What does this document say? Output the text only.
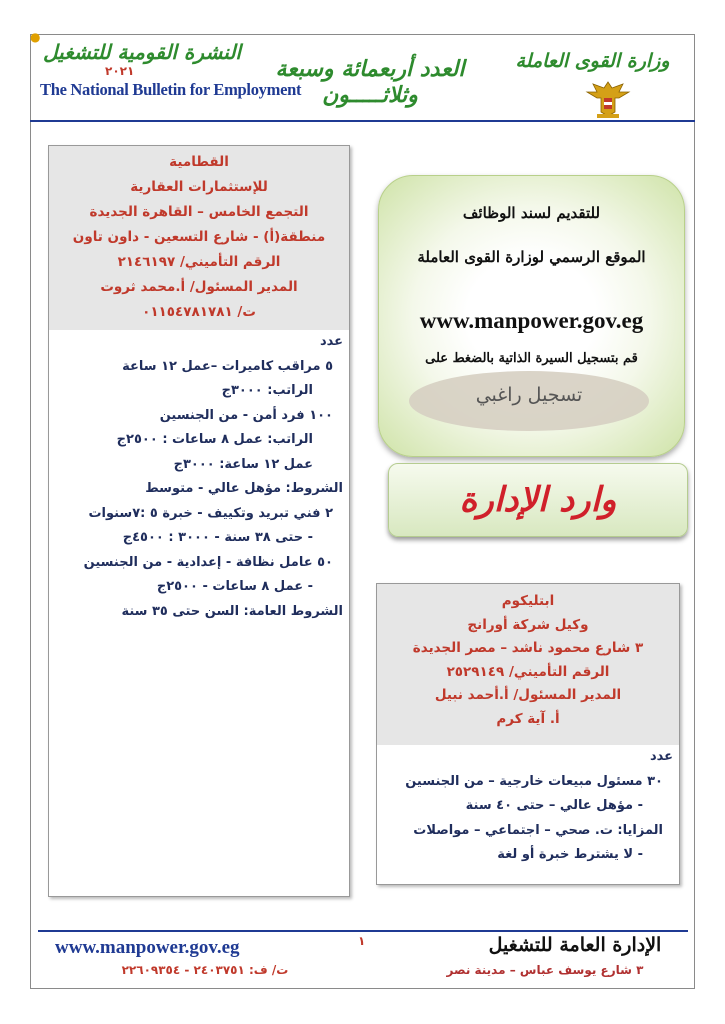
●
النشرة القومية للتشغيل
٢٠٢١
The National Bulletin for Employment
العدد أربعمائة وسبعة وثلاثـــــون
وزارة القوى العاملة
القطامية
للإستثمارات العقارية
التجمع الخامس – القاهرة الجديدة
منطقة(أ) - شارع التسعين - داون تاون
الرقم التأميني/ ٢١٤٦١٩٧
المدير المسئول/ أ.محمد ثروت
ت/ ٠١١٥٤٧٨١٧٨١
عدد
٥ مراقب كاميرات –عمل ١٢ ساعة
الراتب: ٣٠٠٠ج
١٠٠ فرد أمن - من الجنسين
الراتب: عمل ٨ ساعات : ٢٥٠٠ج
عمل ١٢ ساعة: ٣٠٠٠ج
الشروط: مؤهل عالي - متوسط
٢ فني تبريد وتكييف - خبرة ٥ :٧سنوات
- حتى ٣٨ سنة - ٣٠٠٠ : ٤٥٠٠ج
٥٠ عامل نظافة - إعدادية - من الجنسين
- عمل ٨ ساعات - ٢٥٠٠ج
الشروط العامة: السن حتى ٣٥ سنة
للتقديم لسند الوظائف
الموقع الرسمي لوزارة القوى العاملة
www.manpower.gov.eg
قم بتسجيل السيرة الذاتية بالضغط على
تسجيل راغبي
وارد الإدارة
ابتليكوم
وكيل شركة أورانج
٣ شارع محمود ناشد – مصر الجديدة
الرقم التأميني/ ٢٥٢٩١٤٩
المدير المسئول/ أ.أحمد نبيل
أ. آية كرم
عدد
٣٠ مسئول مبيعات خارجية – من الجنسين
- مؤهل عالي – حتى ٤٠ سنة
المزايا: ت. صحي – اجتماعي – مواصلات
- لا يشترط خبرة أو لغة
www.manpower.gov.eg	١	الإدارة العامة للتشغيل
ت/ ف: ٢٤٠٣٧٥١ - ٢٢٦٠٩٣٥٤	٣ شارع يوسف عباس – مدينة نصر
